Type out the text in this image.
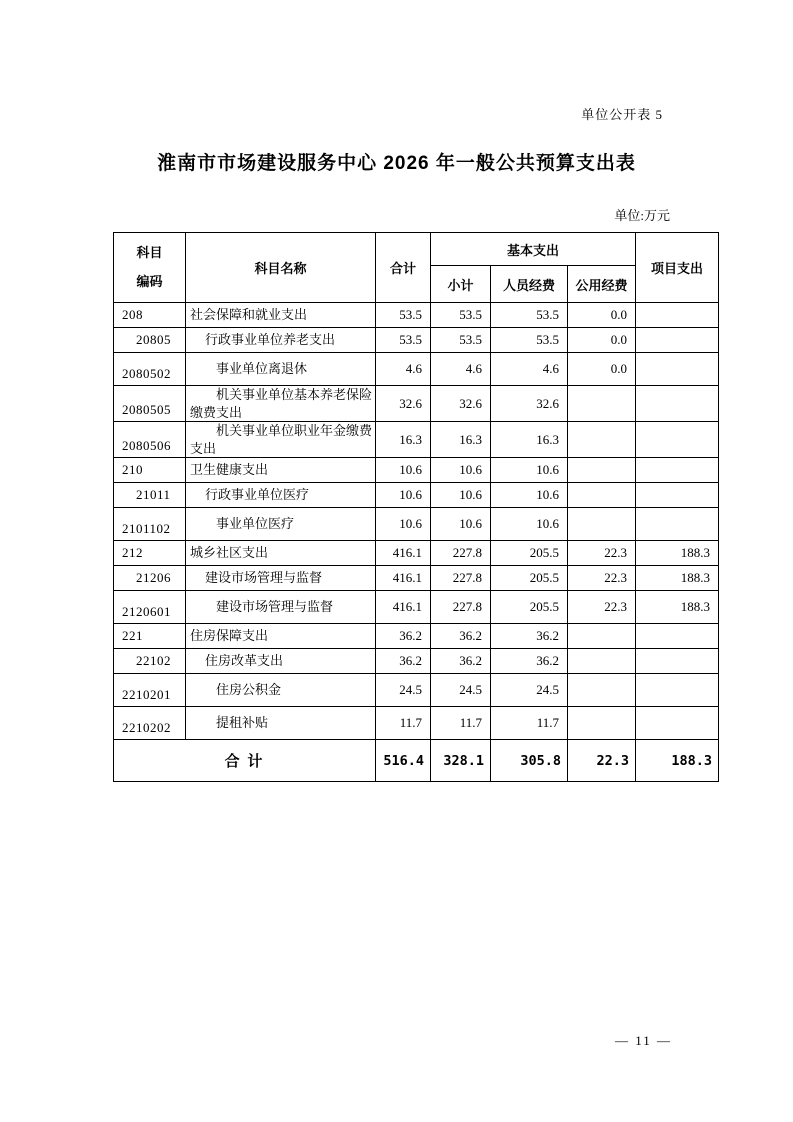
单位公开表 5
淮南市市场建设服务中心 2026 年一般公共预算支出表
单位:万元
科目
编码	科目名称	合计	基本支出			项目支出
			小计	人员经费	公用经费	
208	社会保障和就业支出	53.5	53.5	53.5	0.0	
20805	行政事业单位养老支出	53.5	53.5	53.5	0.0	
2080502	事业单位离退休	4.6	4.6	4.6	0.0	
2080505	机关事业单位基本养老保险缴费支出	32.6	32.6	32.6		
2080506	机关事业单位职业年金缴费支出	16.3	16.3	16.3		
210	卫生健康支出	10.6	10.6	10.6		
21011	行政事业单位医疗	10.6	10.6	10.6		
2101102	事业单位医疗	10.6	10.6	10.6		
212	城乡社区支出	416.1	227.8	205.5	22.3	188.3
21206	建设市场管理与监督	416.1	227.8	205.5	22.3	188.3
2120601	建设市场管理与监督	416.1	227.8	205.5	22.3	188.3
221	住房保障支出	36.2	36.2	36.2		
22102	住房改革支出	36.2	36.2	36.2		
2210201	住房公积金	24.5	24.5	24.5		
2210202	提租补贴	11.7	11.7	11.7		
合 计		516.4	328.1	305.8	22.3	188.3
— 11 —
